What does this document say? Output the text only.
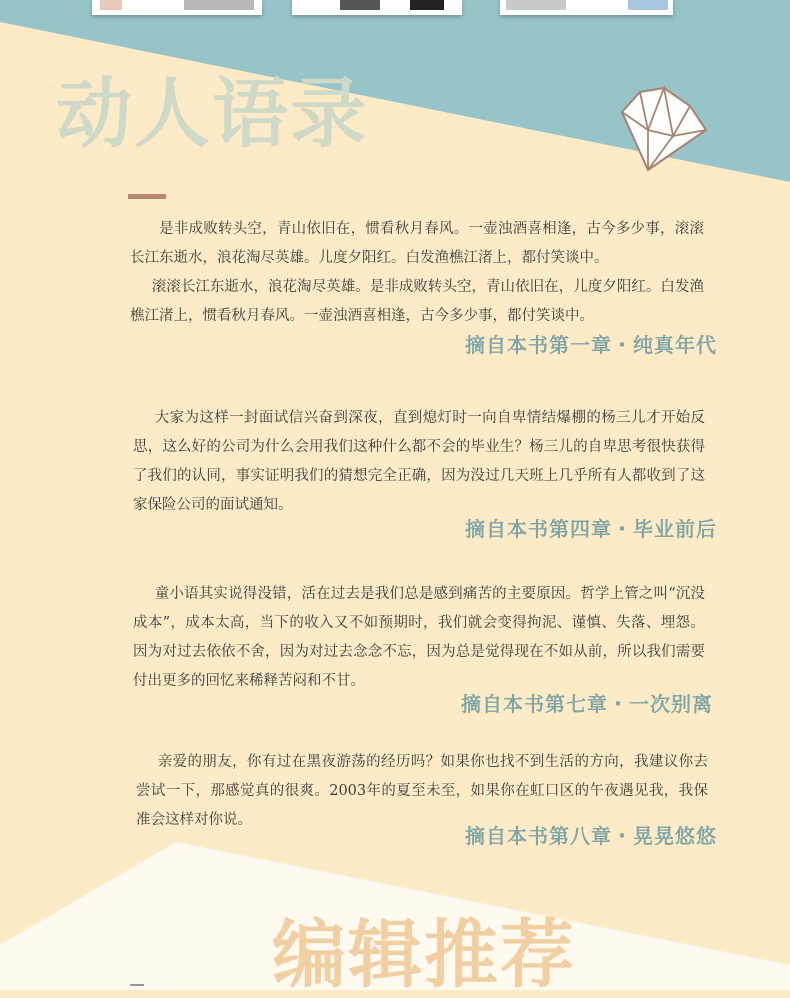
动人语录

是非成败转头空，青山依旧在，惯看秋月春风。一壶浊酒喜相逢，古今多少事，滚滚长江东逝水，浪花淘尽英雄。儿度夕阳红。白发渔樵江渚上，都付笑谈中。

滚滚长江东逝水，浪花淘尽英雄。是非成败转头空，青山依旧在，儿度夕阳红。白发渔樵江渚上，惯看秋月春风。一壶浊酒喜相逢，古今多少事，都付笑谈中。

摘自本书第一章・纯真年代

大家为这样一封面试信兴奋到深夜，直到熄灯时一向自卑情结爆棚的杨三儿才开始反思，这么好的公司为什么会用我们这种什么都不会的毕业生？杨三儿的自卑思考很快获得了我们的认同，事实证明我们的猜想完全正确，因为没过几天班上几乎所有人都收到了这家保险公司的面试通知。

摘自本书第四章・毕业前后

童小语其实说得没错，活在过去是我们总是感到痛苦的主要原因。哲学上管之叫“沉没成本”，成本太高，当下的收入又不如预期时，我们就会变得拘泥、谨慎、失落、埋怨。因为对过去依依不舍，因为对过去念念不忘，因为总是觉得现在不如从前，所以我们需要付出更多的回忆来稀释苦闷和不甘。

摘自本书第七章・一次别离

亲爱的朋友，你有过在黑夜游荡的经历吗？如果你也找不到生活的方向，我建议你去尝试一下，那感觉真的很爽。2003年的夏至未至，如果你在虹口区的午夜遇见我，我保准会这样对你说。

摘自本书第八章・晃晃悠悠

编辑推荐
